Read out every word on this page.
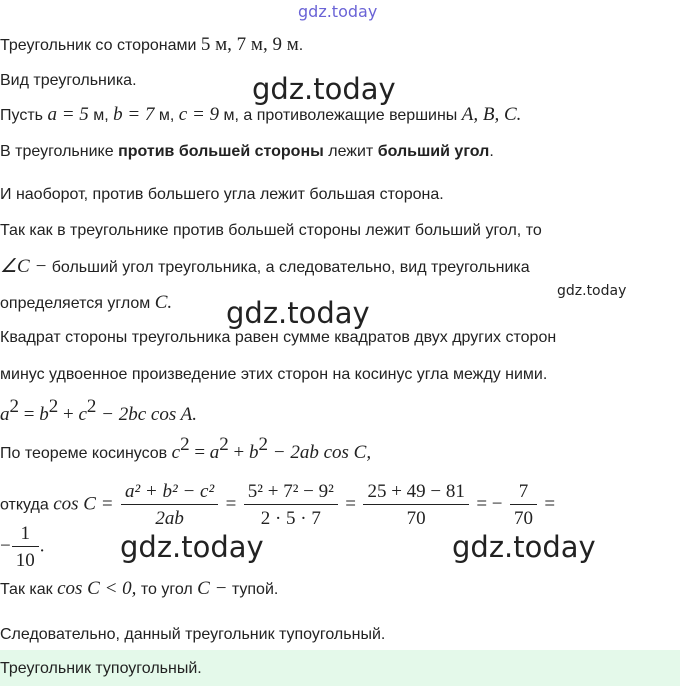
gdz.today
Треугольник со сторонами 5 м, 7 м, 9 м.
Вид треугольника.	gdz.today
Пусть a = 5 м, b = 7 м, c = 9 м, а противолежащие вершины A, B, C.
В треугольнике против большей стороны лежит больший угол.
И наоборот, против большего угла лежит большая сторона.
Так как в треугольнике против большей стороны лежит больший угол, то
∠C − больший угол треугольника, а следовательно, вид треугольника
gdz.today
определяется углом C. gdz.today
Квадрат стороны треугольника равен сумме квадратов двух других сторон
минус удвоенное произведение этих сторон на косинус угла между ними.
$a^2 = b^2 + c^2 - 2bc$ cos A.
По теореме косинусов $c^2 = a^2 + b^2 - 2ab$ cos C,
откуда $\cos C = \frac{\text{a² + b² − c²}}{2ab} = \frac{\text{5² + 7² − 9²}}{2 \cdot 5 \cdot 7} = \frac{25 + 49 - 81}{70}$ = − $\frac{7}{70}$ =
− $\frac{1}{10}$ .	gdz.today	gdz.today
Так как cos C < 0, то угол C − тупой.
Следовательно, данный треугольник тупоугольный.
Треугольник тупоугольный.
